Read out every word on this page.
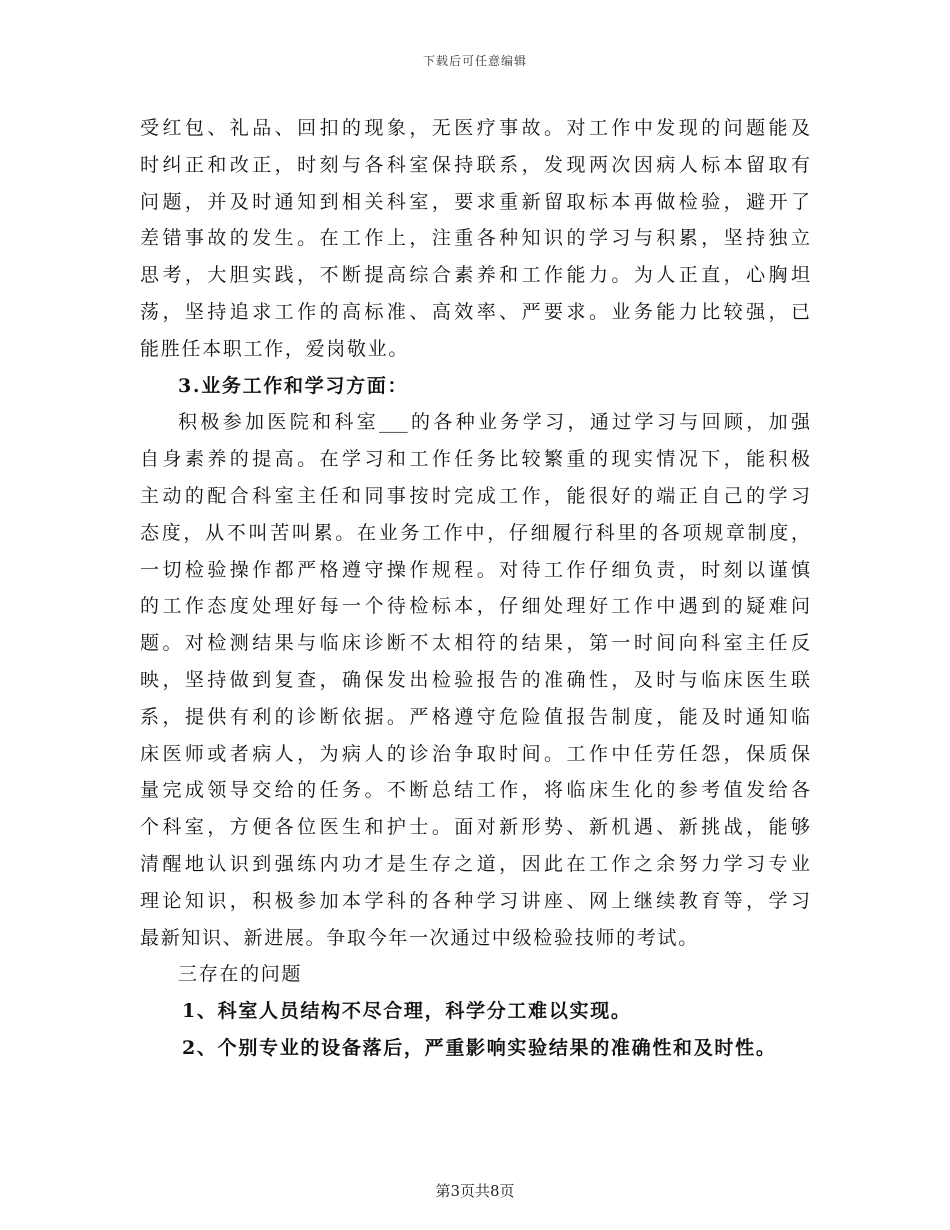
下载后可任意编辑
受红包、礼品、回扣的现象，无医疗事故。对工作中发现的问题能及
时纠正和改正，时刻与各科室保持联系，发现两次因病人标本留取有
问题，并及时通知到相关科室，要求重新留取标本再做检验，避开了
差错事故的发生。在工作上，注重各种知识的学习与积累，坚持独立
思考，大胆实践，不断提高综合素养和工作能力。为人正直，心胸坦
荡，坚持追求工作的高标准、高效率、严要求。业务能力比较强，已
能胜任本职工作，爱岗敬业。
3.业务工作和学习方面：
积极参加医院和科室___的各种业务学习，通过学习与回顾，加强
自身素养的提高。在学习和工作任务比较繁重的现实情况下，能积极
主动的配合科室主任和同事按时完成工作，能很好的端正自己的学习
态度，从不叫苦叫累。在业务工作中，仔细履行科里的各项规章制度，
一切检验操作都严格遵守操作规程。对待工作仔细负责，时刻以谨慎
的工作态度处理好每一个待检标本，仔细处理好工作中遇到的疑难问
题。对检测结果与临床诊断不太相符的结果，第一时间向科室主任反
映，坚持做到复查，确保发出检验报告的准确性，及时与临床医生联
系，提供有利的诊断依据。严格遵守危险值报告制度，能及时通知临
床医师或者病人，为病人的诊治争取时间。工作中任劳任怨，保质保
量完成领导交给的任务。不断总结工作，将临床生化的参考值发给各
个科室，方便各位医生和护士。面对新形势、新机遇、新挑战，能够
清醒地认识到强练内功才是生存之道，因此在工作之余努力学习专业
理论知识，积极参加本学科的各种学习讲座、网上继续教育等，学习
最新知识、新进展。争取今年一次通过中级检验技师的考试。
三存在的问题
1、科室人员结构不尽合理，科学分工难以实现。
2、个别专业的设备落后，严重影响实验结果的准确性和及时性。
第3页共8页
